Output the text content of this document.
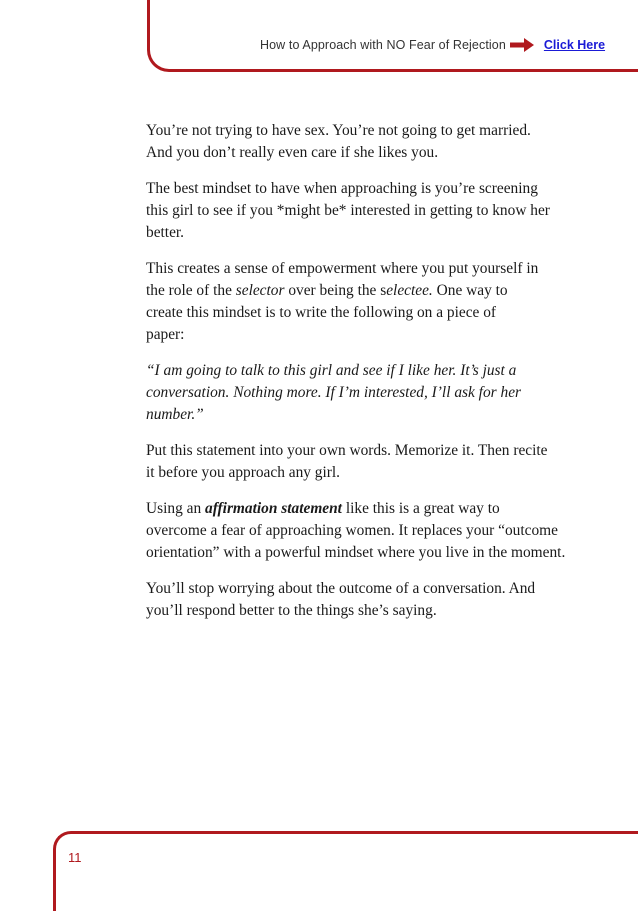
How to Approach with NO Fear of Rejection	Click Here

You’re not trying to have sex. You’re not going to get married.
And you don’t really even care if she likes you.

The best mindset to have when approaching is you’re screening
this girl to see if you *might be* interested in getting to know her
better.

This creates a sense of empowerment where you put yourself in
the role of the selector over being the selectee. One way to
create this mindset is to write the following on a piece of
paper:

“I am going to talk to this girl and see if I like her. It’s just a
conversation. Nothing more. If I’m interested, I’ll ask for her
number.”

Put this statement into your own words. Memorize it. Then recite
it before you approach any girl.

Using an affirmation statement like this is a great way to
overcome a fear of approaching women. It replaces your “outcome
orientation” with a powerful mindset where you live in the moment.

You’ll stop worrying about the outcome of a conversation. And
you’ll respond better to the things she’s saying.

11
